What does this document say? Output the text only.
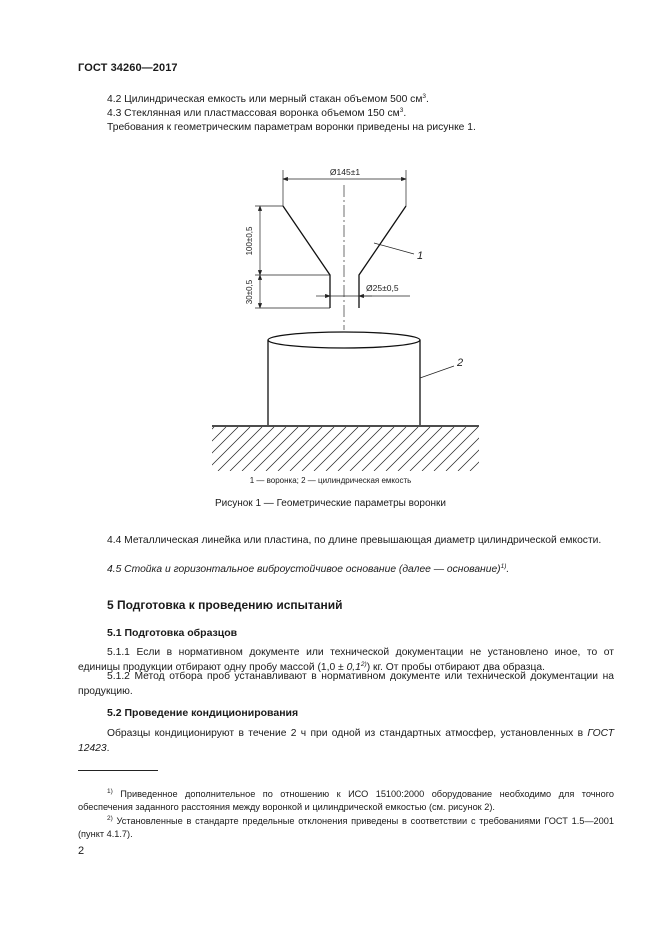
ГОСТ 34260—2017
4.2 Цилиндрическая емкость или мерный стакан объемом 500 $см^3$.
4.3 Стеклянная или пластмассовая воронка объемом 150 $см^3$.
Требования к геометрическим параметрам воронки приведены на рисунке 1.
Ø145±1
100±0,5
30±0,5	Ø25±0,5
1
2
1 — воронка; 2 — цилиндрическая емкость
Рисунок 1 — Геометрические параметры воронки
4.4 Металлическая линейка или пластина, по длине превышающая диаметр цилиндрической емкости.
4.5 Стойка и горизонтальное виброустойчивое основание (далее — основание)$^{1)}$.
5 Подготовка к проведению испытаний
5.1 Подготовка образцов
5.1.1 Если в нормативном документе или технической документации не установлено иное, то от единицы продукции отбирают одну пробу массой $(1,0 \pm 0,1^{2)})$ кг. От пробы отбирают два образца.
5.1.2 Метод отбора проб устанавливают в нормативном документе или технической документации на продукцию.
5.2 Проведение кондиционирования
Образцы кондиционируют в течение 2 ч при одной из стандартных атмосфер, установленных в ГОСТ 12423.
$^{1)}$ Приведенное дополнительное по отношению к ИСО 15100:2000 оборудование необходимо для точного обеспечения заданного расстояния между воронкой и цилиндрической емкостью (см. рисунок 2).
$^{2)}$ Установленные в стандарте предельные отклонения приведены в соответствии с требованиями ГОСТ 1.5—2001 (пункт 4.1.7).
2
